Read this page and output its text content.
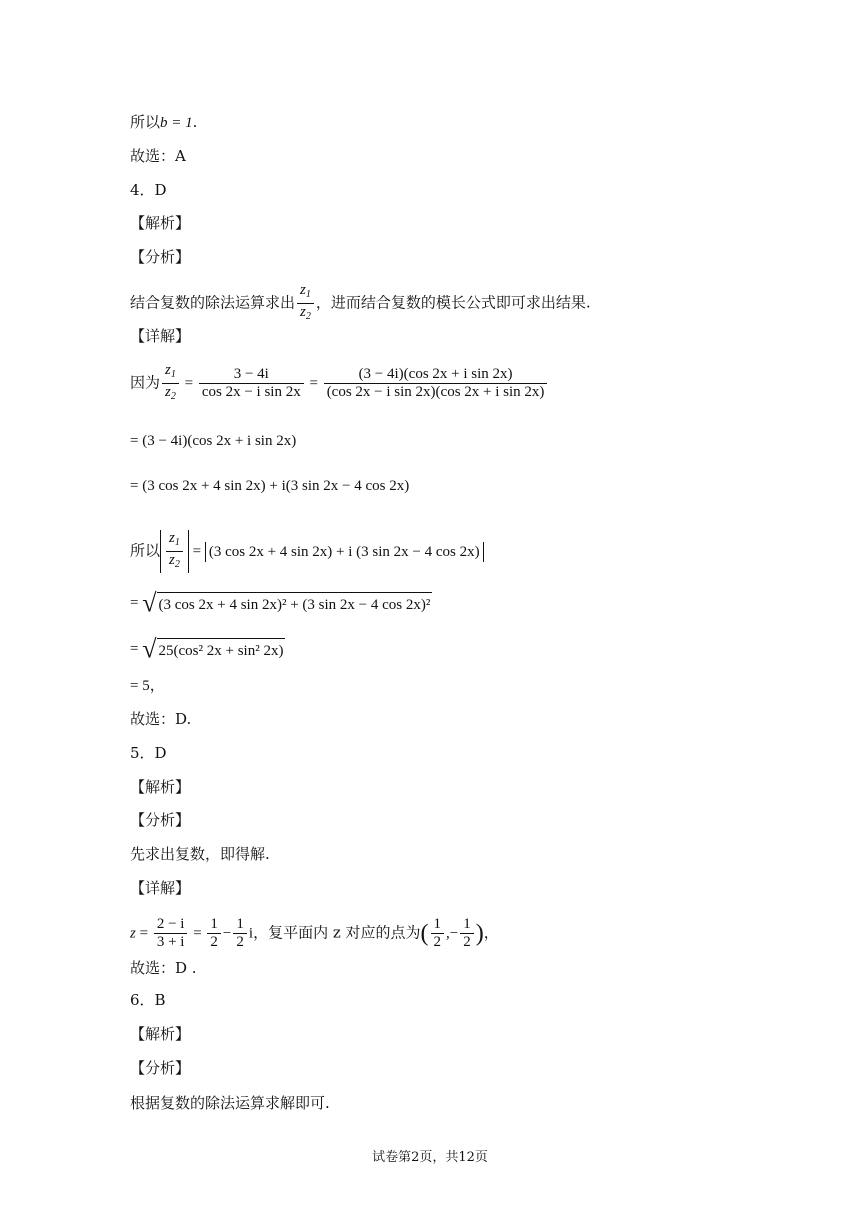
所以b = 1.
故选：A
4．D
【解析】
【分析】
结合复数的除法运算求出 $\frac{z_1}{z_2}$ ，进而结合复数的模长公式即可求出结果.
【详解】
因为 $\frac{z_1}{z_2} = \frac{3 - 4i}{\text{cos 2x − i sin 2x}} = \frac{\text{(3 − 4i)(cos 2x + i sin 2x)}}{\text{(cos 2x − i sin 2x)(cos 2x + i sin 2x)}}$
= (3 − 4i)(cos 2x + i sin 2x)
= (3 cos 2x + 4 sin 2x) + i(3 sin 2x − 4 cos 2x)
所以 $\frac{z_1}{z_2} = (3$ cos 2x + 4 sin 2x) + i (3 sin 2x − 4 cos 2x)
= √ (3 cos 2x + 4 sin 2x)² + (3 sin 2x − 4 cos 2x)²
= √ 25(cos² 2x + sin² 2x)
= 5，
故选：D.
5．D
【解析】
【分析】
先求出复数，即得解.
【详解】
$z = \frac{2 - i}{3 + i} = \frac{1}{2} - \frac{1}{2}$ i，复平面内 z 对应的点为( $\frac{1}{2}$ ,− $\frac{1}{2}$ )，
故选：D .
6．B
【解析】
【分析】
根据复数的除法运算求解即可.
试卷第2页，共12页
